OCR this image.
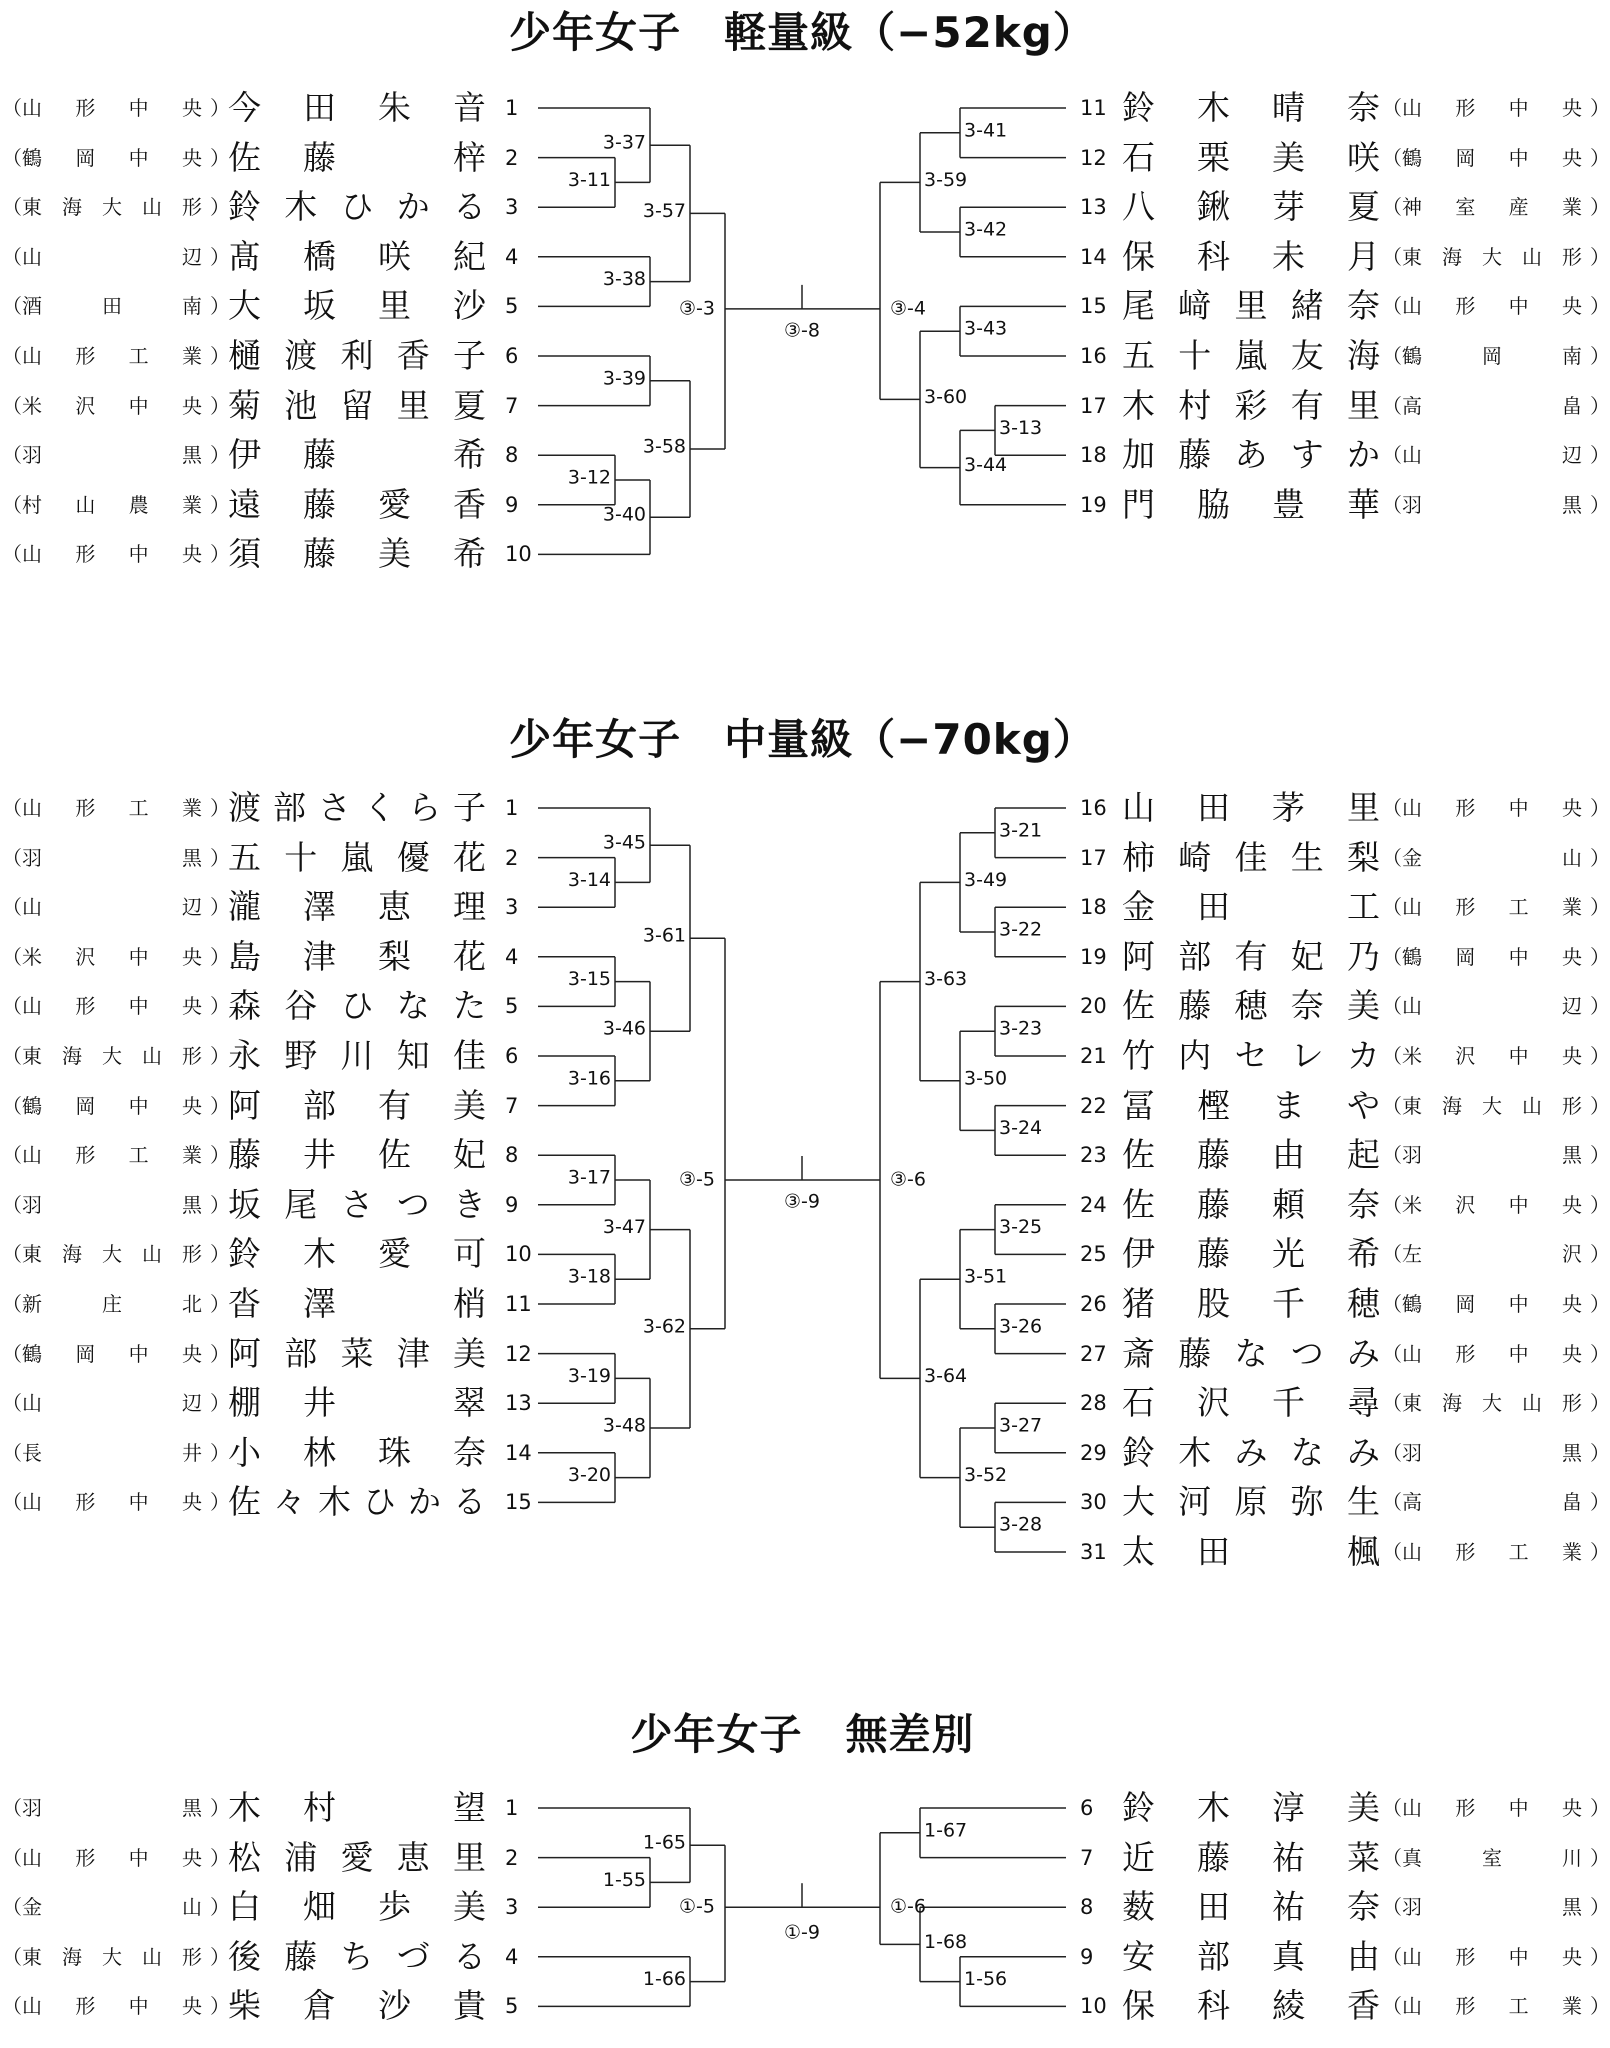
少年女子　軽量級（−52kg）
（ 山 形 中 央 ）
今 田 朱 音 1
（ 鶴 岡 中 央 ）
佐 藤
　	梓 2
（ 東 海 大 山 形 ）
鈴 木 ひ か る 3
（ 山	辺 ）
髙 橋 咲 紀 4
（ 酒	田	南 ）
大 坂 里 沙 5
（ 山 形 工 業 ）
樋 渡 利 香 子 6
（ 米 沢 中 央 ）
菊 池 留 里 夏 7
（ 羽	黒 ）
伊 藤
　	希 8
（ 村 山 農 業 ）
遠 藤 愛 香 9
（ 山 形 中 央 ）
須 藤 美 希 10
11 鈴 木 晴 奈 （ 山 形 中 央 ）
12 石 栗 美 咲 （ 鶴 岡 中 央 ）
13 八 鍬 芽 夏 （ 神 室 産 業 ）
14 保 科 未 月 （ 東 海 大 山 形 ）
15 尾 﨑 里 緒 奈 （ 山 形 中 央 ）
16 五 十 嵐 友 海 （ 鶴	岡	南 ）
17 木 村 彩 有 里 （ 高	畠 ）
18 加 藤 あ す か （ 山	辺 ）
19 門 脇 豊 華 （ 羽	黒 ）
3-11
3-37
3-38
3-57
3-39
3-12
3-40
3-58
3-41
3-42
3-59
3-43
3-13
3-44
3-60
③-3	③-4
③-8
少年女子　中量級（−70kg）
（ 山 形 工 業 ）
渡 部 さ く ら 子 1
（ 羽	黒 ）
五 十 嵐 優 花 2
（ 山	辺 ）
瀧 澤 恵 理 3
（ 米 沢 中 央 ）
島 津 梨 花 4
（ 山 形 中 央 ）
森 谷 ひ な た 5
（ 東 海 大 山 形 ）
永 野 川 知 佳 6
（ 鶴 岡 中 央 ）
阿 部 有 美 7
（ 山 形 工 業 ）
藤 井 佐 妃 8
（ 羽	黒 ）
坂 尾 さ つ き 9
（ 東 海 大 山 形 ）
鈴 木 愛 可 10
（ 新	庄	北 ）
沓 澤
　	梢 11
（ 鶴 岡 中 央 ）
阿 部 菜 津 美 12
（ 山	辺 ）
棚 井
　	翠 13
（ 長	井 ）
小 林 珠 奈 14
（ 山 形 中 央 ）
佐 々 木 ひ か る 15
16 山 田 茅 里 （ 山 形 中 央 ）
17 柿 崎 佳 生 梨 （ 金	山 ）
18 金 田
　	工 （ 山 形 工 業 ）
19 阿 部 有 妃 乃 （ 鶴 岡 中 央 ）
20 佐 藤 穂 奈 美 （ 山	辺 ）
21 竹 内 セ レ カ （ 米 沢 中 央 ）
22 冨 樫 ま や （ 東 海 大 山 形 ）
23 佐 藤 由 起 （ 羽	黒 ）
24 佐 藤 頼 奈 （ 米 沢 中 央 ）
25 伊 藤 光 希 （ 左	沢 ）
26 猪 股 千 穂 （ 鶴 岡 中 央 ）
27 斎 藤 な つ み （ 山 形 中 央 ）
28 石 沢 千 尋 （ 東 海 大 山 形 ）
29 鈴 木 み な み （ 羽	黒 ）
30 大 河 原 弥 生 （ 高	畠 ）
31 太 田
　	楓 （ 山 形 工 業 ）
3-14
3-45
3-15
3-16
3-46
3-61
3-17
3-18
3-47
3-19
3-20
3-48
3-62
3-21
3-22
3-49
3-23
3-24
3-50
3-63
3-25
3-26
3-51
3-27
3-28
3-52
3-64
③-5	③-6
③-9
少年女子　無差別
（ 羽	黒 ）
木 村
　	望 1
（ 山 形 中 央 ）
松 浦 愛 恵 里 2
（ 金	山 ）
白 畑 歩 美 3
（ 東 海 大 山 形 ）
後 藤 ち づ る 4
（ 山 形 中 央 ）
柴 倉 沙 貴 5
6 鈴 木 淳 美 （ 山 形 中 央 ）
7 近 藤 祐 菜 （ 真	室	川 ）
8 薮 田 祐 奈 （ 羽	黒 ）
9 安 部 真 由 （ 山 形 中 央 ）
10 保 科 綾 香 （ 山 形 工 業 ）
1-55
1-65
1-66
1-67
1-56
1-68
①-5	①-6
①-9
